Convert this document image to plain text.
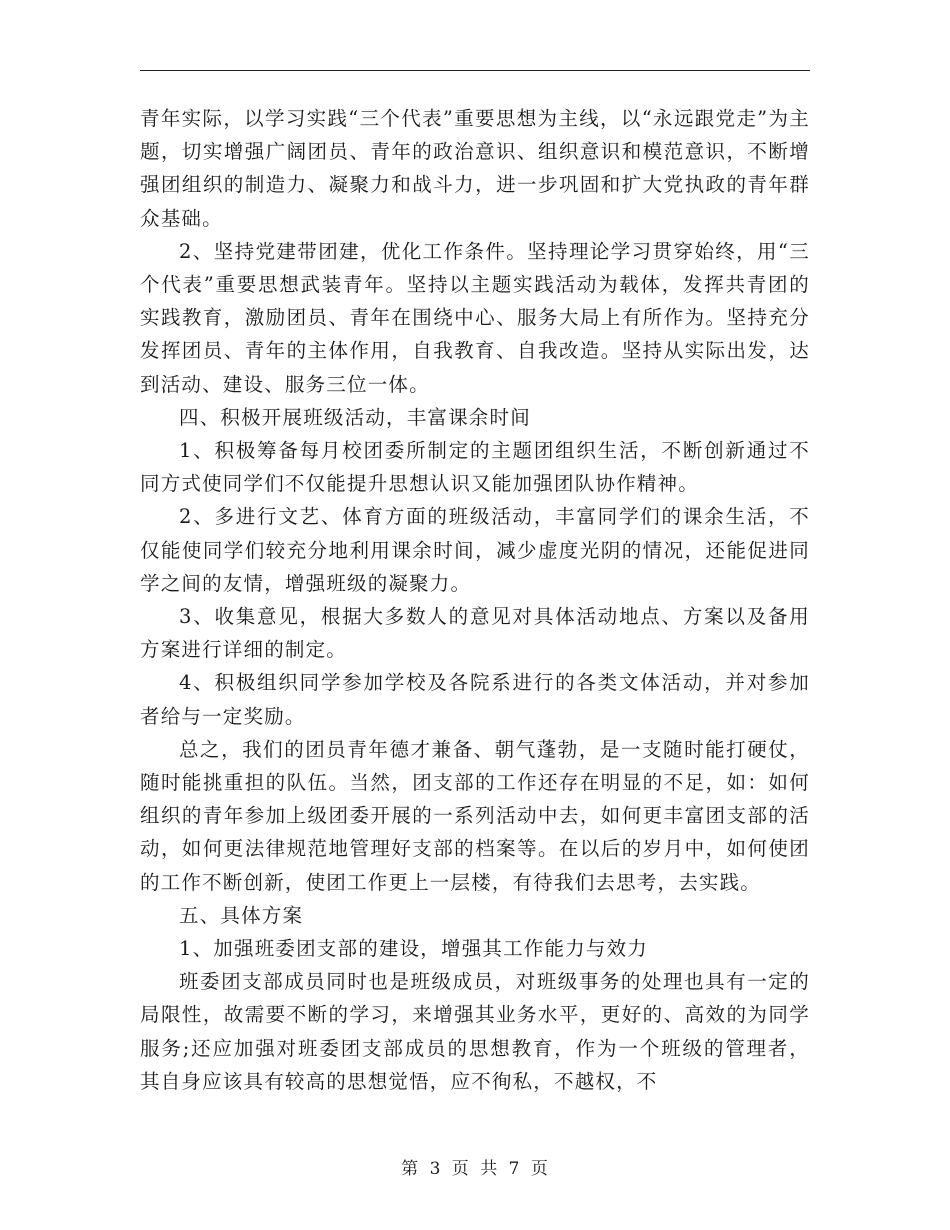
青年实际，以学习实践“三个代表”重要思想为主线，以“永远跟党走”为主题，切实增强广阔团员、青年的政治意识、组织意识和模范意识，不断增强团组织的制造力、凝聚力和战斗力，进一步巩固和扩大党执政的青年群众基础。

2、坚持党建带团建，优化工作条件。坚持理论学习贯穿始终，用“三个代表”重要思想武装青年。坚持以主题实践活动为载体，发挥共青团的实践教育，激励团员、青年在围绕中心、服务大局上有所作为。坚持充分发挥团员、青年的主体作用，自我教育、自我改造。坚持从实际出发，达到活动、建设、服务三位一体。

四、积极开展班级活动，丰富课余时间

1、积极筹备每月校团委所制定的主题团组织生活，不断创新通过不同方式使同学们不仅能提升思想认识又能加强团队协作精神。

2、多进行文艺、体育方面的班级活动，丰富同学们的课余生活，不仅能使同学们较充分地利用课余时间，减少虚度光阴的情况，还能促进同学之间的友情，增强班级的凝聚力。

3、收集意见，根据大多数人的意见对具体活动地点、方案以及备用方案进行详细的制定。

4、积极组织同学参加学校及各院系进行的各类文体活动，并对参加者给与一定奖励。

总之，我们的团员青年德才兼备、朝气蓬勃，是一支随时能打硬仗，随时能挑重担的队伍。当然，团支部的工作还存在明显的不足，如：如何组织的青年参加上级团委开展的一系列活动中去，如何更丰富团支部的活动，如何更法律规范地管理好支部的档案等。在以后的岁月中，如何使团的工作不断创新，使团工作更上一层楼，有待我们去思考，去实践。

五、具体方案

1、加强班委团支部的建设，增强其工作能力与效力

班委团支部成员同时也是班级成员，对班级事务的处理也具有一定的局限性，故需要不断的学习，来增强其业务水平，更好的、高效的为同学服务;还应加强对班委团支部成员的思想教育，作为一个班级的管理者，其自身应该具有较高的思想觉悟，应不徇私，不越权，不

第 3 页 共 7 页
